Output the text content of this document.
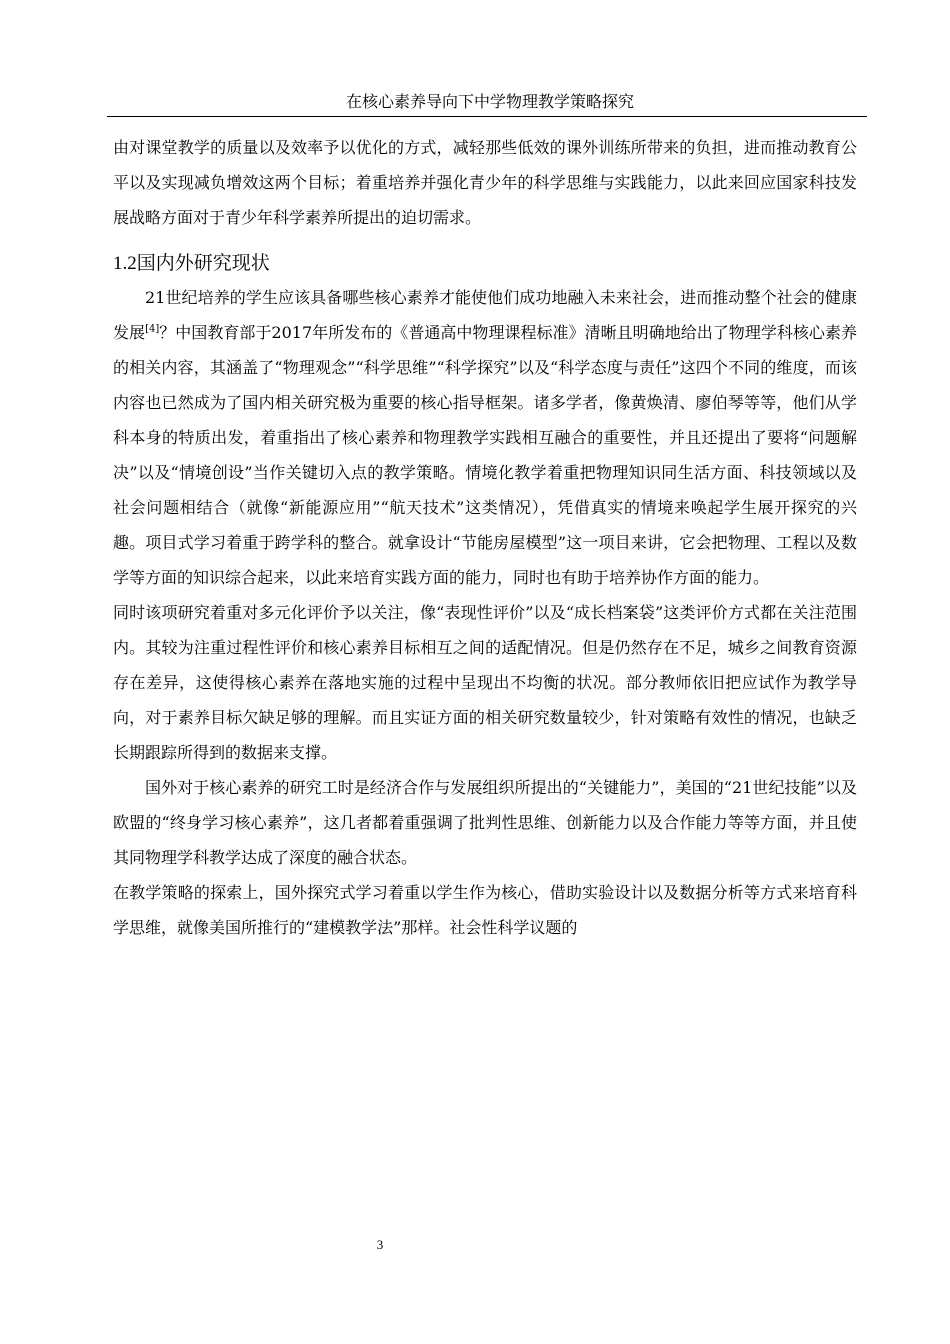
在核心素养导向下中学物理教学策略探究

由对课堂教学的质量以及效率予以优化的方式，减轻那些低效的课外训练所带来的负担，进而推动教育公平以及实现减负增效这两个目标；着重培养并强化青少年的科学思维与实践能力，以此来回应国家科技发展战略方面对于青少年科学素养所提出的迫切需求。

1.2国内外研究现状

21世纪培养的学生应该具备哪些核心素养才能使他们成功地融入未来社会，进而推动整个社会的健康发展[4]？中国教育部于2017年所发布的《普通高中物理课程标准》清晰且明确地给出了物理学科核心素养的相关内容，其涵盖了“物理观念”“科学思维”“科学探究”以及“科学态度与责任”这四个不同的维度，而该内容也已然成为了国内相关研究极为重要的核心指导框架。诸多学者，像黄焕清、廖伯琴等等，他们从学科本身的特质出发，着重指出了核心素养和物理教学实践相互融合的重要性，并且还提出了要将“问题解决”以及“情境创设”当作关键切入点的教学策略。情境化教学着重把物理知识同生活方面、科技领域以及社会问题相结合（就像“新能源应用”“航天技术”这类情况），凭借真实的情境来唤起学生展开探究的兴趣。项目式学习着重于跨学科的整合。就拿设计“节能房屋模型”这一项目来讲，它会把物理、工程以及数学等方面的知识综合起来，以此来培育实践方面的能力，同时也有助于培养协作方面的能力。

同时该项研究着重对多元化评价予以关注，像“表现性评价”以及“成长档案袋”这类评价方式都在关注范围内。其较为注重过程性评价和核心素养目标相互之间的适配情况。但是仍然存在不足，城乡之间教育资源存在差异，这使得核心素养在落地实施的过程中呈现出不均衡的状况。部分教师依旧把应试作为教学导向，对于素养目标欠缺足够的理解。而且实证方面的相关研究数量较少，针对策略有效性的情况，也缺乏长期跟踪所得到的数据来支撑。

国外对于核心素养的研究工时是经济合作与发展组织所提出的“关键能力”，美国的“21世纪技能”以及欧盟的“终身学习核心素养”，这几者都着重强调了批判性思维、创新能力以及合作能力等等方面，并且使其同物理学科教学达成了深度的融合状态。

在教学策略的探索上，国外探究式学习着重以学生作为核心，借助实验设计以及数据分析等方式来培育科学思维，就像美国所推行的“建模教学法”那样。社会性科学议题的

3
